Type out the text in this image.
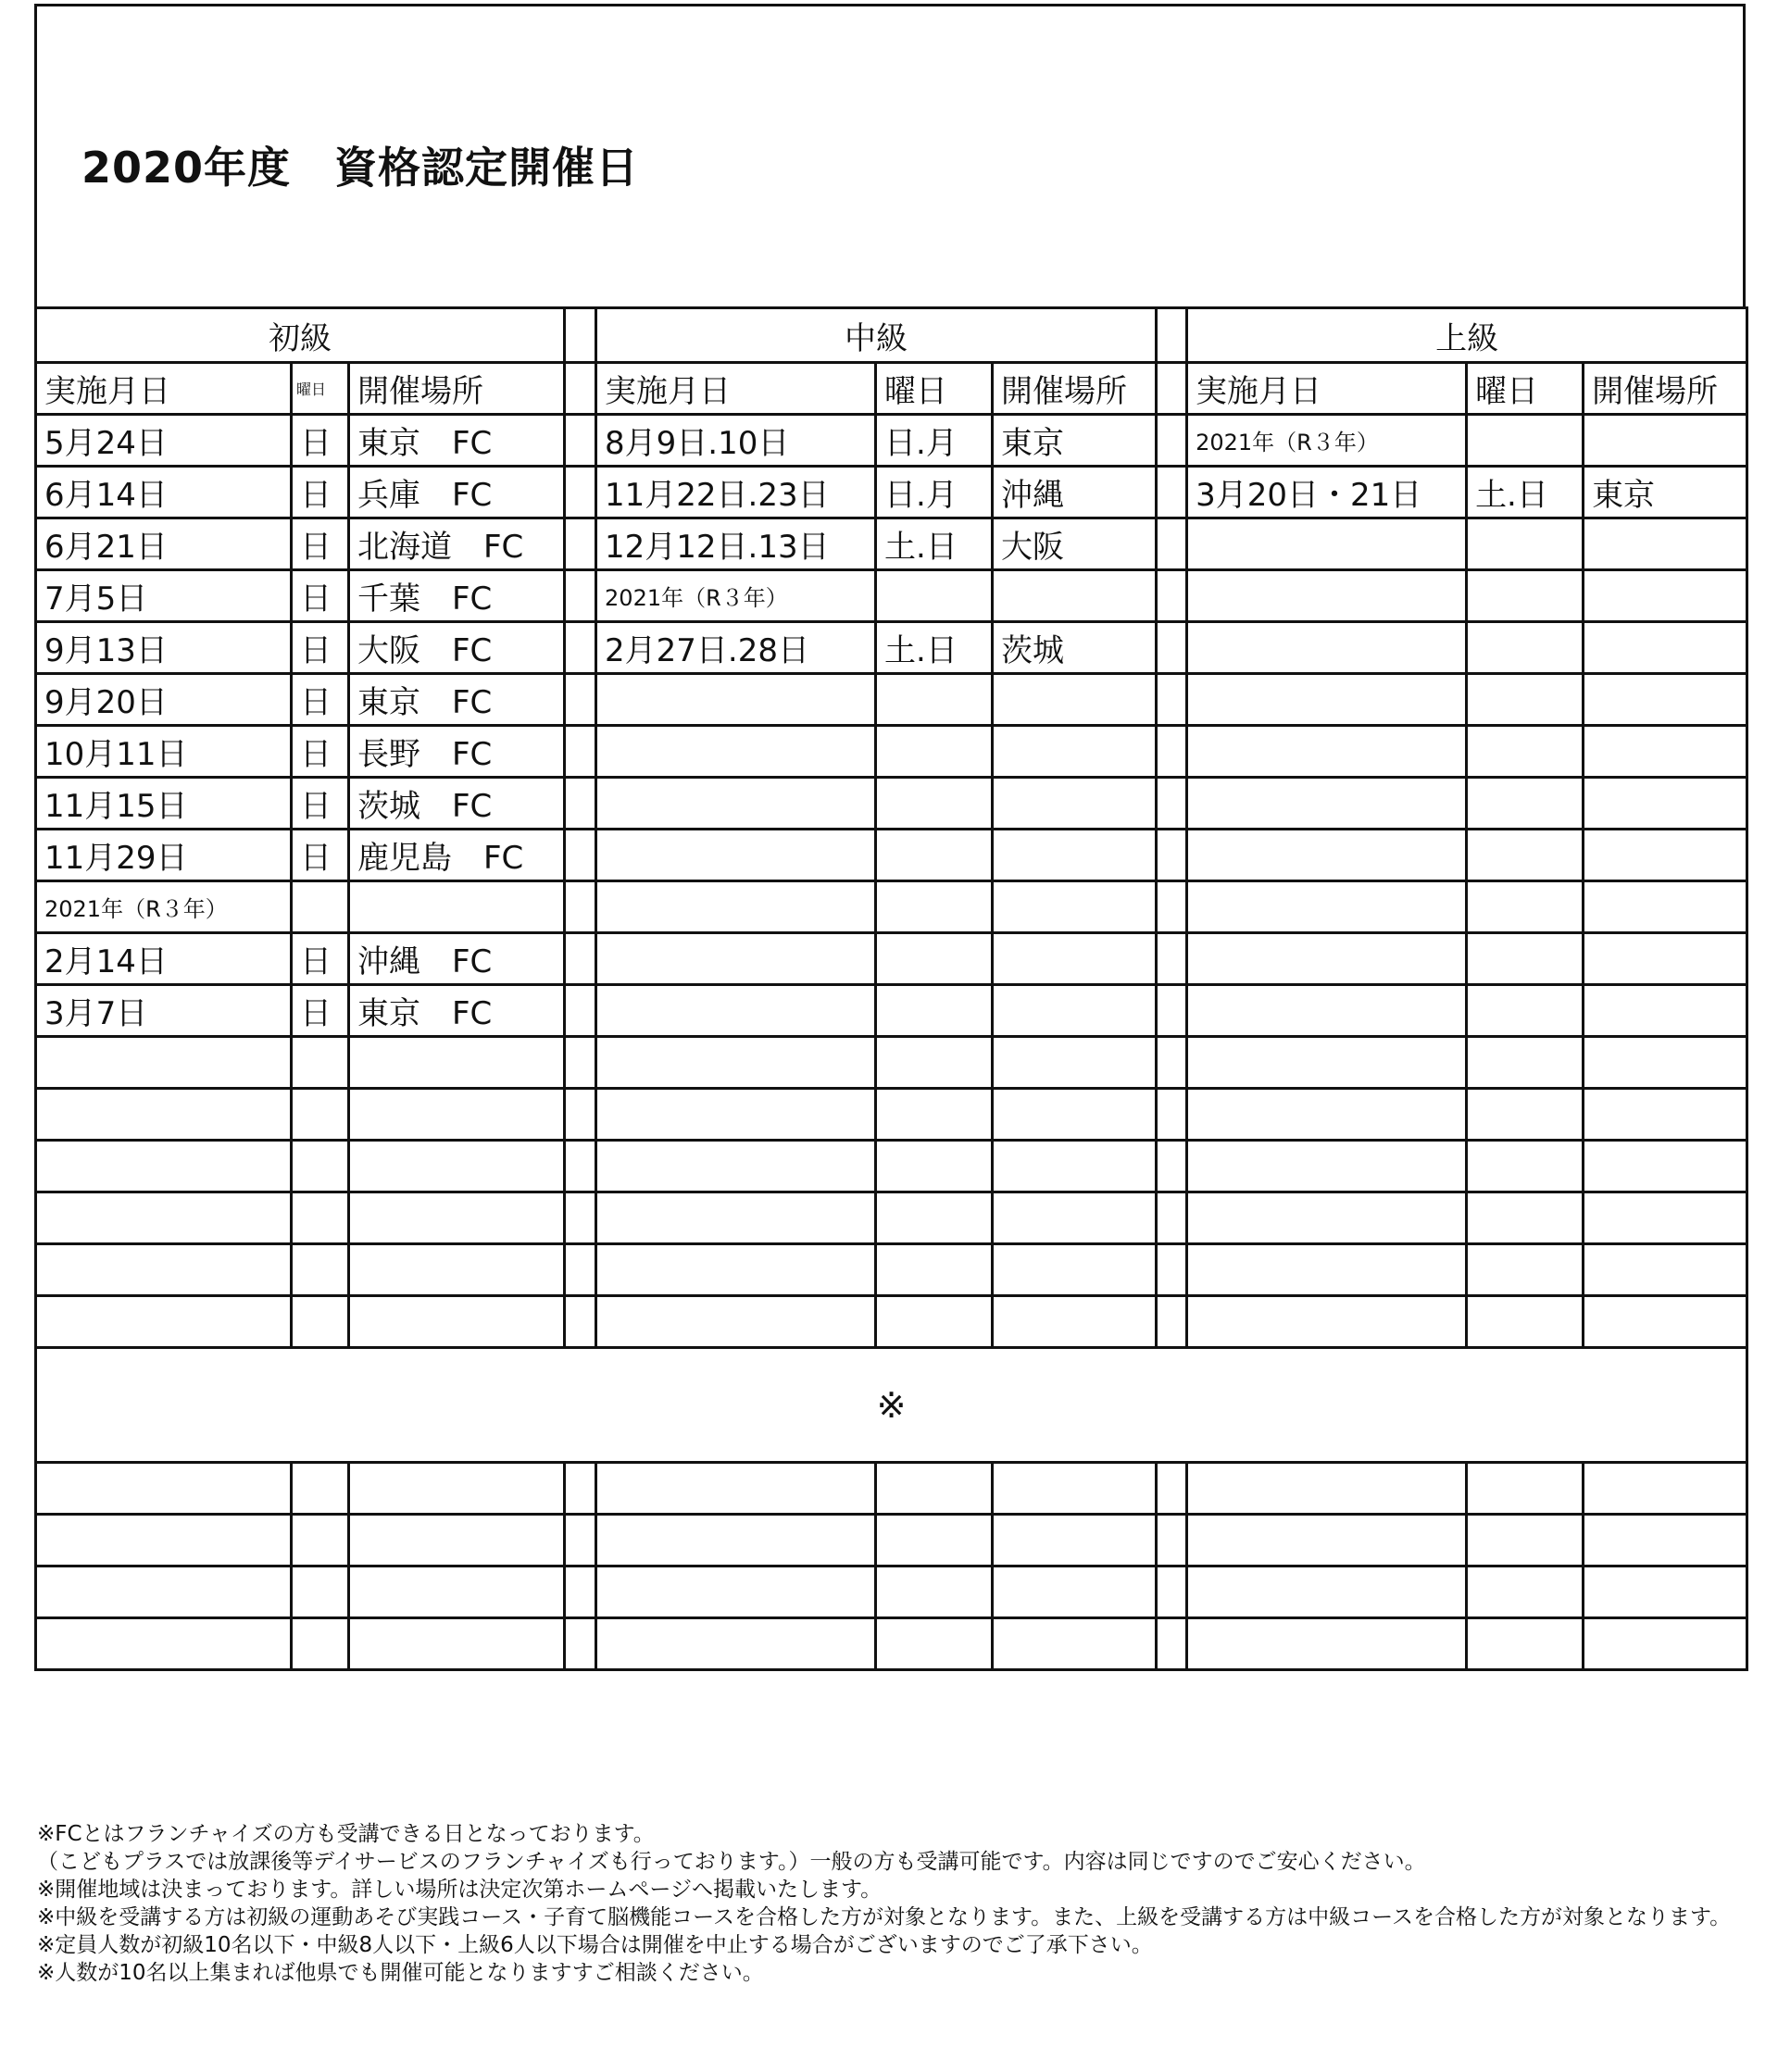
2020年度　資格認定開催日
初級				中級				上級		
実施月日	曜日	開催場所		実施月日	曜日	開催場所		実施月日	曜日	開催場所
5月24日	日	東京　FC		8月9日.10日	日.月	東京		2021年（R３年）		
6月14日	日	兵庫　FC		11月22日.23日	日.月	沖縄		3月20日・21日	土.日	東京
6月21日	日	北海道　FC		12月12日.13日	土.日	大阪				
7月5日	日	千葉　FC		2021年（R３年）						
9月13日	日	大阪　FC		2月27日.28日	土.日	茨城				
9月20日	日	東京　FC								
10月11日	日	長野　FC								
11月15日	日	茨城　FC								
11月29日	日	鹿児島　FC								
2021年（R３年）										
2月14日	日	沖縄　FC								
3月7日	日	東京　FC								

※										

※FCとはフランチャイズの方も受講できる日となっております。
（こどもプラスでは放課後等デイサービスのフランチャイズも行っております。）一般の方も受講可能です。内容は同じですのでご安心ください。
※開催地域は決まっております。詳しい場所は決定次第ホームページへ掲載いたします。
※中級を受講する方は初級の運動あそび実践コース・子育て脳機能コースを合格した方が対象となります。また、上級を受講する方は中級コースを合格した方が対象となります。
※定員人数が初級10名以下・中級8人以下・上級6人以下場合は開催を中止する場合がございますのでご了承下さい。
※人数が10名以上集まれば他県でも開催可能となりますすご相談ください。
